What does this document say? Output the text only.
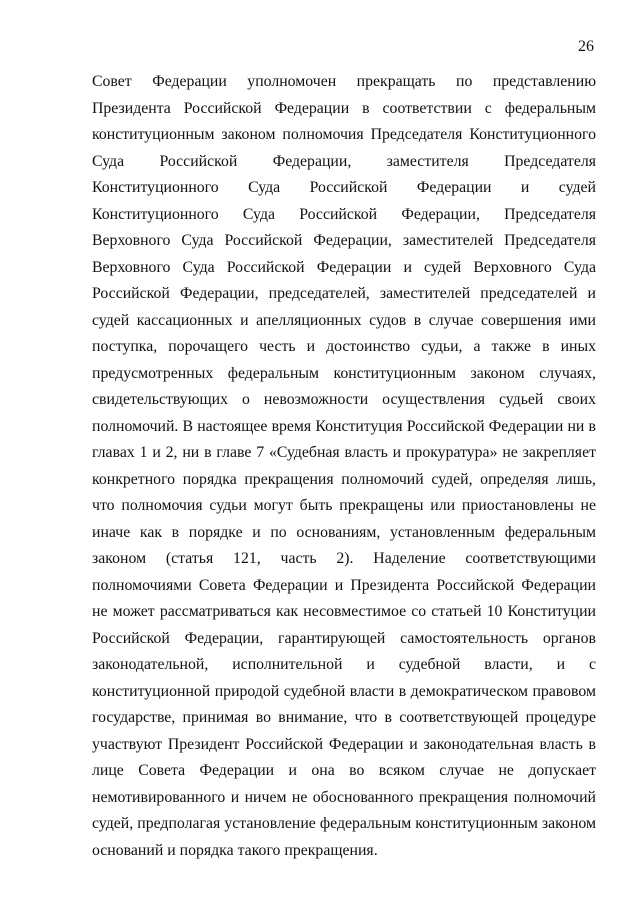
26

Совет Федерации уполномочен прекращать по представлению Президента Российской Федерации в соответствии с федеральным конституционным законом полномочия Председателя Конституционного Суда Российской Федерации, заместителя Председателя Конституционного Суда Российской Федерации и судей Конституционного Суда Российской Федерации, Председателя Верховного Суда Российской Федерации, заместителей Председателя Верховного Суда Российской Федерации и судей Верховного Суда Российской Федерации, председателей, заместителей председателей и судей кассационных и апелляционных судов в случае совершения ими поступка, порочащего честь и достоинство судьи, а также в иных предусмотренных федеральным конституционным законом случаях, свидетельствующих о невозможности осуществления судьей своих полномочий. В настоящее время Конституция Российской Федерации ни в главах 1 и 2, ни в главе 7 «Судебная власть и прокуратура» не закрепляет конкретного порядка прекращения полномочий судей, определяя лишь, что полномочия судьи могут быть прекращены или приостановлены не иначе как в порядке и по основаниям, установленным федеральным законом (статья 121, часть 2). Наделение соответствующими полномочиями Совета Федерации и Президента Российской Федерации не может рассматриваться как несовместимое со статьей 10 Конституции Российской Федерации, гарантирующей самостоятельность органов законодательной, исполнительной и судебной власти, и с конституционной природой судебной власти в демократическом правовом государстве, принимая во внимание, что в соответствующей процедуре участвуют Президент Российской Федерации и законодательная власть в лице Совета Федерации и она во всяком случае не допускает немотивированного и ничем не обоснованного прекращения полномочий судей, предполагая установление федеральным конституционным законом оснований и порядка такого прекращения.
